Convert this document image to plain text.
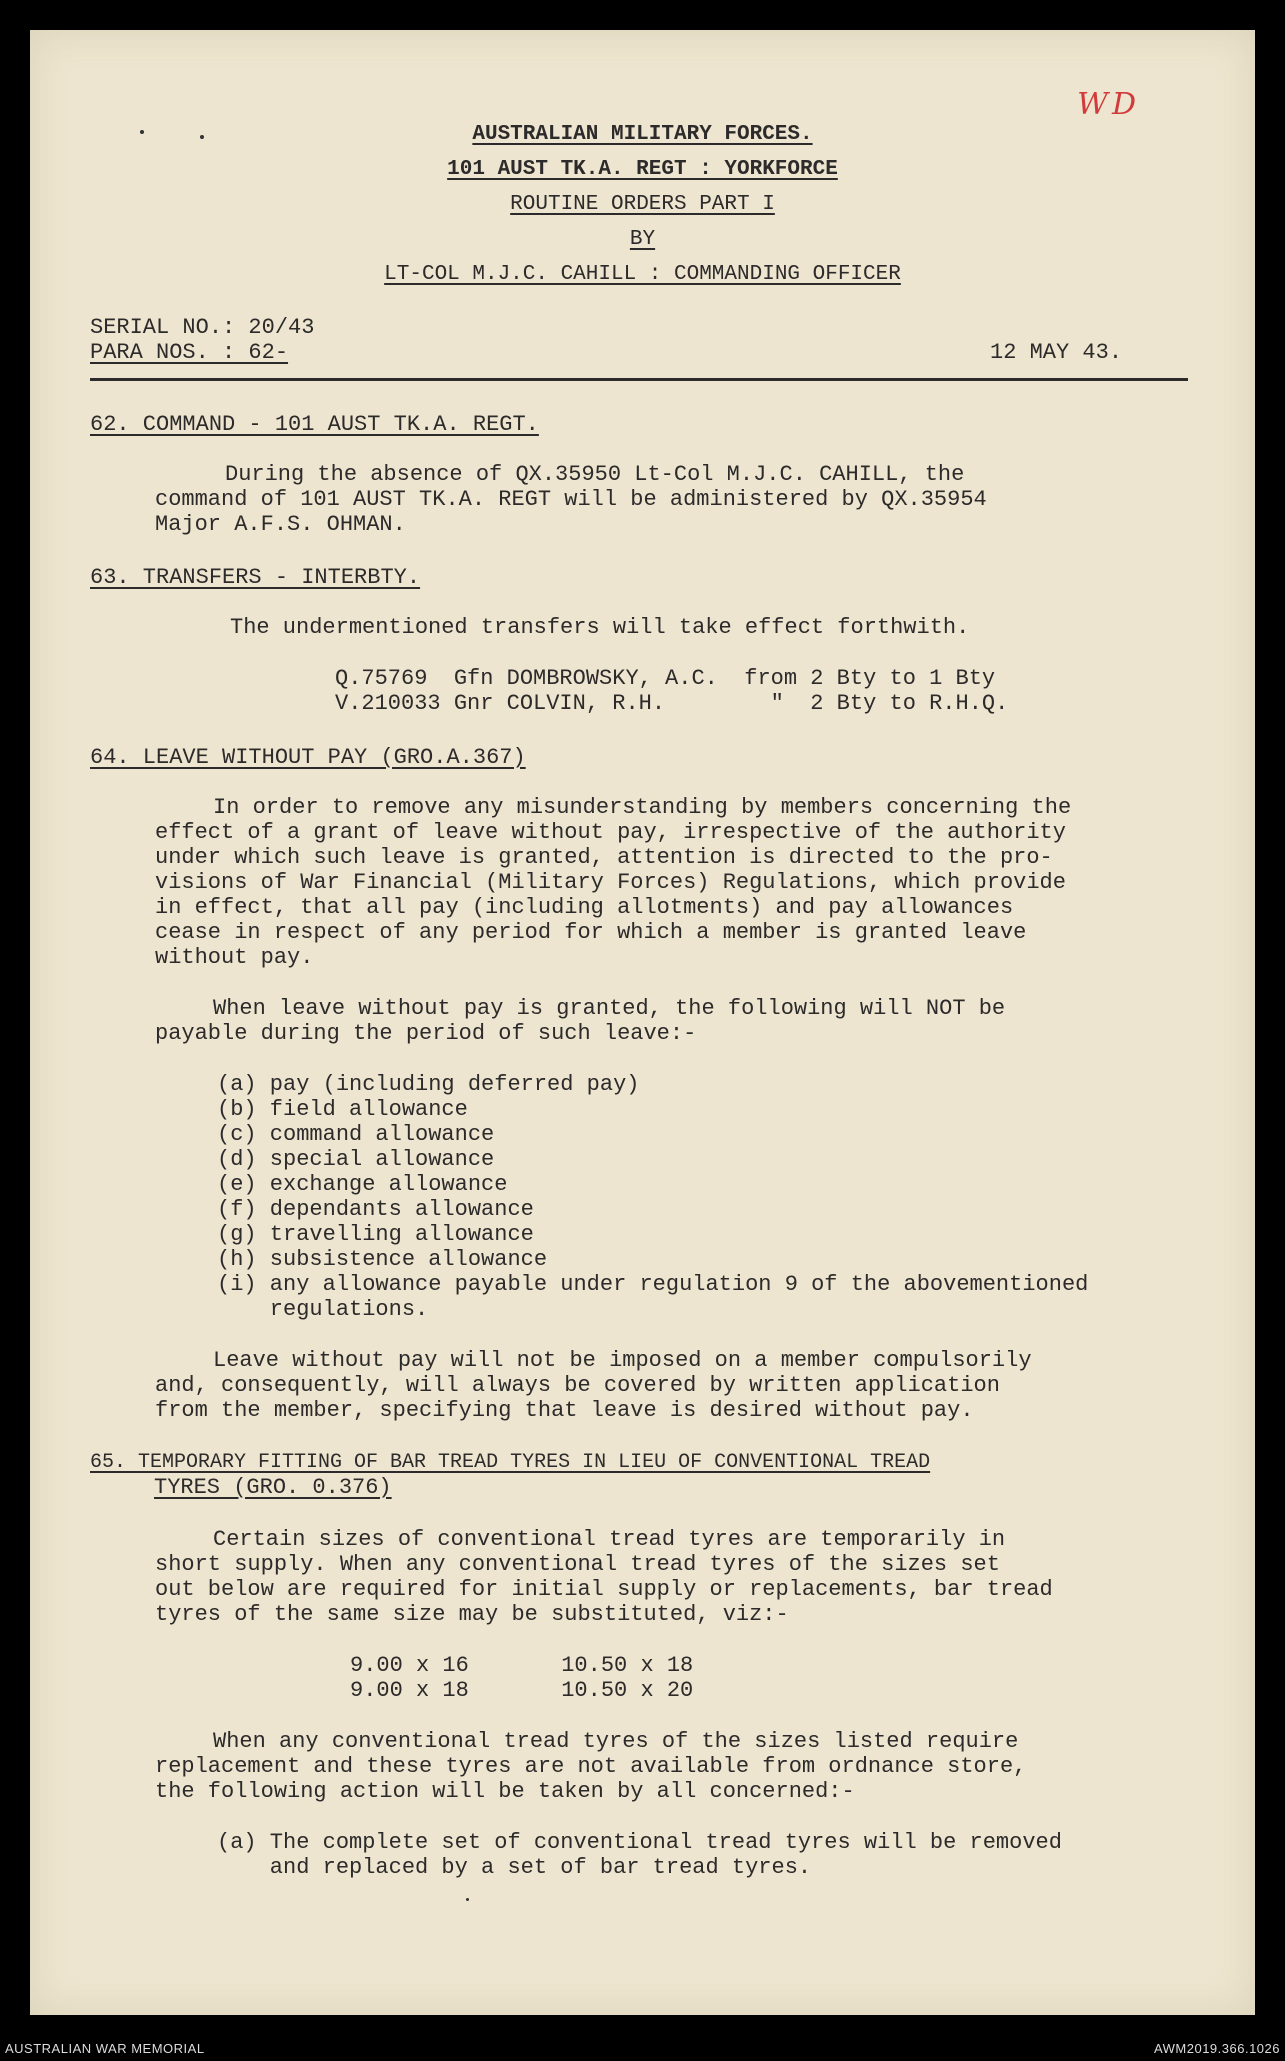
WD
AUSTRALIAN MILITARY FORCES.
101 AUST TK.A. REGT : YORKFORCE
ROUTINE ORDERS PART I
BY
LT-COL M.J.C. CAHILL : COMMANDING OFFICER
SERIAL NO.: 20/43
PARA NOS. : 62-	12 MAY 43.
62. COMMAND - 101 AUST TK.A. REGT.
During the absence of QX.35950 Lt-Col M.J.C. CAHILL, the
command of 101 AUST TK.A. REGT will be administered by QX.35954
Major A.F.S. OHMAN.
63. TRANSFERS - INTERBTY.
The undermentioned transfers will take effect forthwith.
Q.75769  Gfn DOMBROWSKY, A.C.  from 2 Bty to 1 Bty
V.210033 Gnr COLVIN, R.H.        "  2 Bty to R.H.Q.
64. LEAVE WITHOUT PAY (GRO.A.367)
In order to remove any misunderstanding by members concerning the
effect of a grant of leave without pay, irrespective of the authority
under which such leave is granted, attention is directed to the pro-
visions of War Financial (Military Forces) Regulations, which provide
in effect, that all pay (including allotments) and pay allowances
cease in respect of any period for which a member is granted leave
without pay.
When leave without pay is granted, the following will NOT be
payable during the period of such leave:-
(a) pay (including deferred pay)
(b) field allowance
(c) command allowance
(d) special allowance
(e) exchange allowance
(f) dependants allowance
(g) travelling allowance
(h) subsistence allowance
(i) any allowance payable under regulation 9 of the abovementioned
regulations.
Leave without pay will not be imposed on a member compulsorily
and, consequently, will always be covered by written application
from the member, specifying that leave is desired without pay.
65. TEMPORARY FITTING OF BAR TREAD TYRES IN LIEU OF CONVENTIONAL TREAD
TYRES (GRO. 0.376)
Certain sizes of conventional tread tyres are temporarily in
short supply. When any conventional tread tyres of the sizes set
out below are required for initial supply or replacements, bar tread
tyres of the same size may be substituted, viz:-
9.00 x 16       10.50 x 18
9.00 x 18       10.50 x 20
When any conventional tread tyres of the sizes listed require
replacement and these tyres are not available from ordnance store,
the following action will be taken by all concerned:-
(a) The complete set of conventional tread tyres will be removed
and replaced by a set of bar tread tyres.
AUSTRALIAN WAR MEMORIAL	AWM2019.366.1026
